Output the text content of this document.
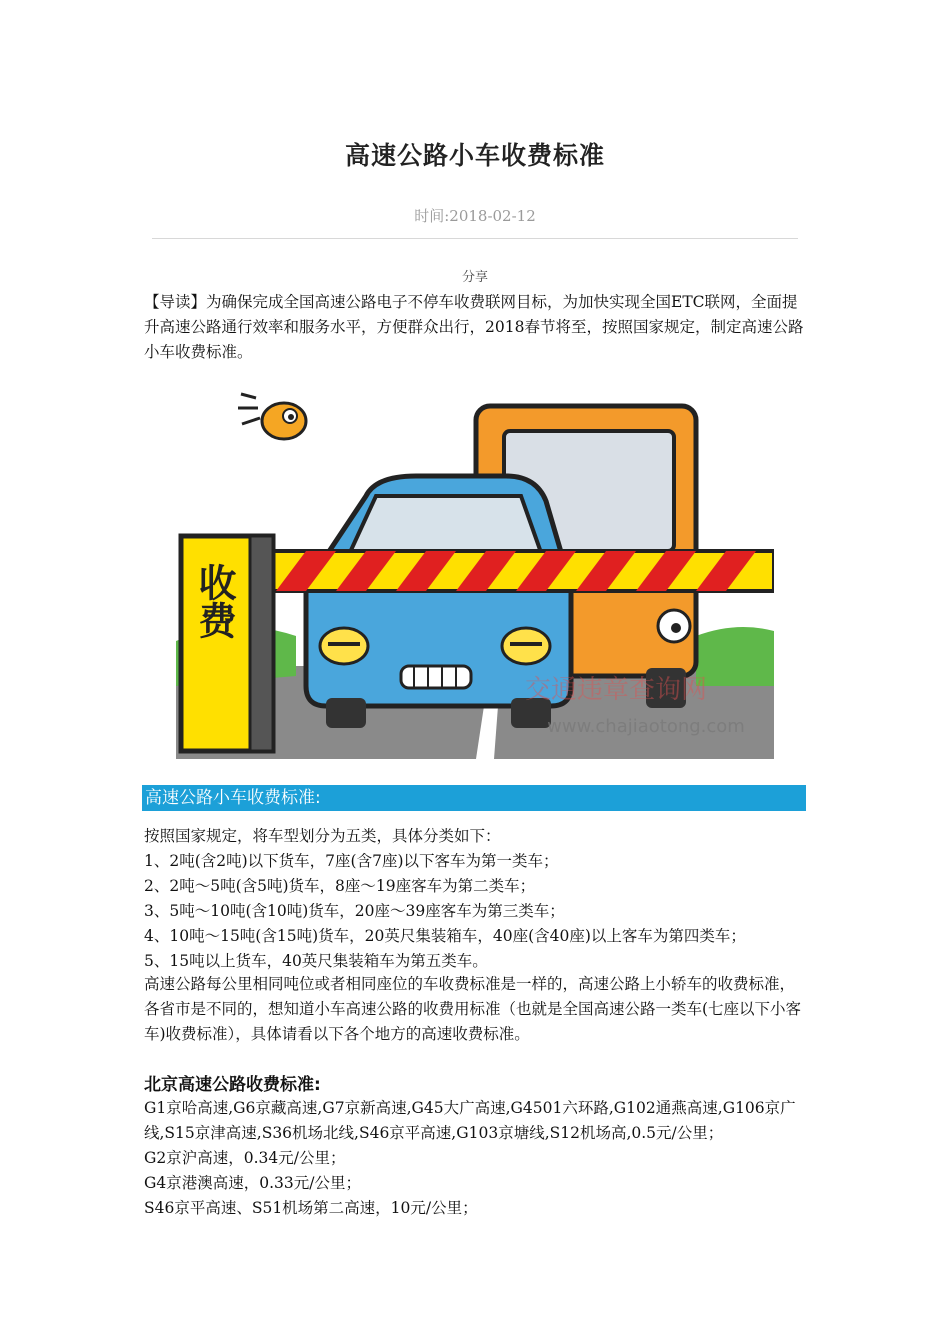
高速公路小车收费标准
时间:2018-02-12
分享

【导读】为确保完成全国高速公路电子不停车收费联网目标，为加快实现全国ETC联网，全面提升高速公路通行效率和服务水平，方便群众出行，2018春节将至，按照国家规定，制定高速公路小车收费标准。

收费
交通违章查询网
www.chajiaotong.com
高速公路小车收费标准:
按照国家规定，将车型划分为五类，具体分类如下：
1、2吨(含2吨)以下货车，7座(含7座)以下客车为第一类车；
2、2吨～5吨(含5吨)货车，8座～19座客车为第二类车；
3、5吨～10吨(含10吨)货车，20座～39座客车为第三类车；
4、10吨～15吨(含15吨)货车，20英尺集装箱车，40座(含40座)以上客车为第四类车；
5、15吨以上货车，40英尺集装箱车为第五类车。

高速公路每公里相同吨位或者相同座位的车收费标准是一样的，高速公路上小轿车的收费标准，各省市是不同的，想知道小车高速公路的收费用标准（也就是全国高速公路一类车(七座以下小客车)收费标准），具体请看以下各个地方的高速收费标准。

北京高速公路收费标准:
G1京哈高速,G6京藏高速,G7京新高速,G45大广高速,G4501六环路,G102通燕高速,G106京广线,S15京津高速,S36机场北线,S46京平高速,G103京塘线,S12机场高,0.5元/公里；
G2京沪高速，0.34元/公里；
G4京港澳高速，0.33元/公里；
S46京平高速、S51机场第二高速，10元/公里；
